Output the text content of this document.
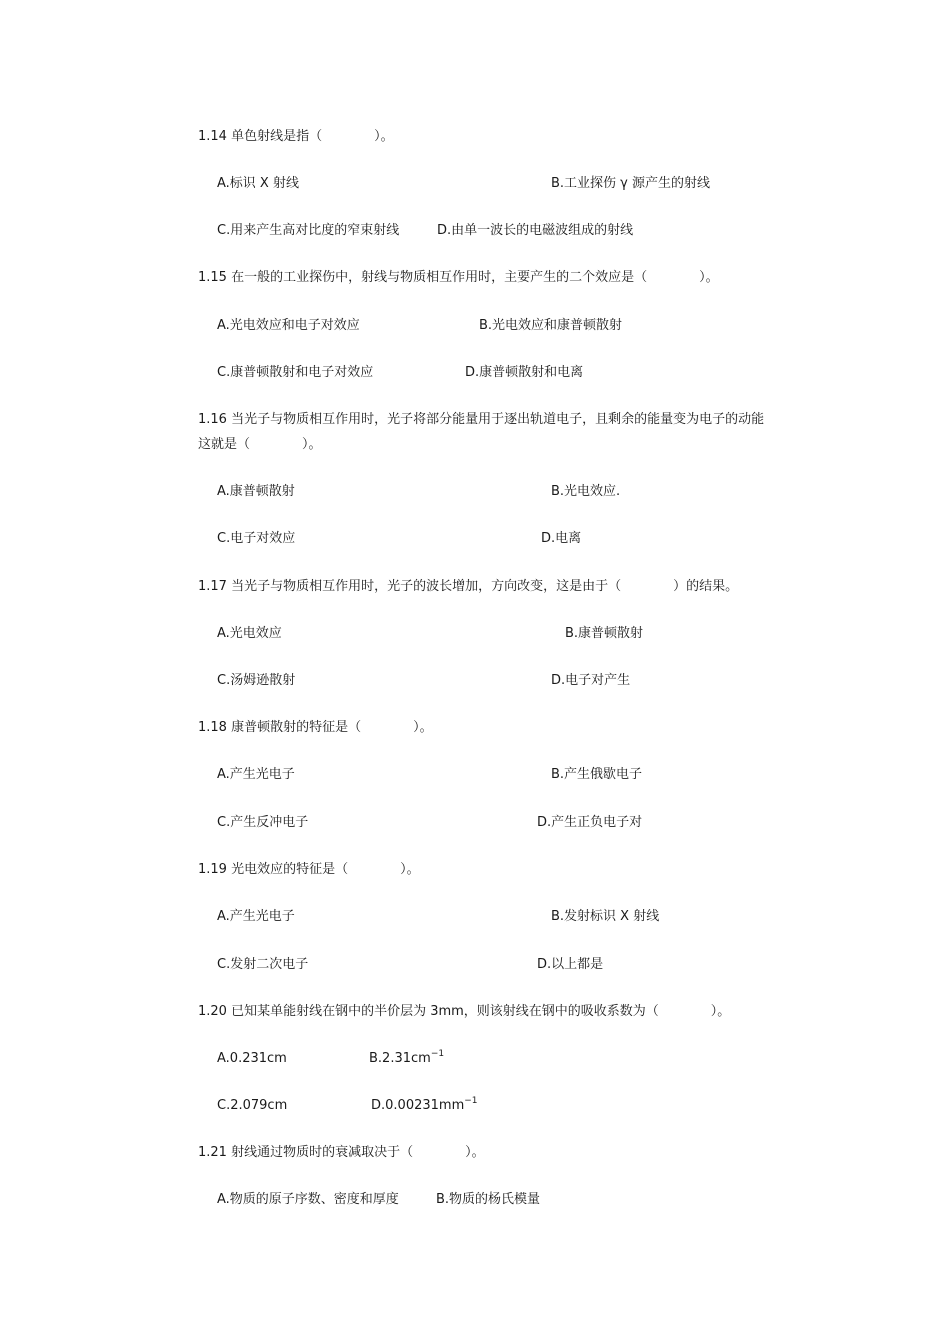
1.14 单色射线是指（　　　　）。
A.标识 X 射线	B.工业探伤 γ 源产生的射线
C.用来产生高对比度的窄束射线	D.由单一波长的电磁波组成的射线
1.15 在一般的工业探伤中，射线与物质相互作用时，主要产生的二个效应是（　　　　）。
A.光电效应和电子对效应	B.光电效应和康普顿散射
C.康普顿散射和电子对效应	D.康普顿散射和电离
1.16 当光子与物质相互作用时，光子将部分能量用于逐出轨道电子，且剩余的能量变为电子的动能
这就是（　　　　）。
A.康普顿散射	B.光电效应.
C.电子对效应	D.电离
1.17 当光子与物质相互作用时，光子的波长增加，方向改变，这是由于（　　　　）的结果。
A.光电效应	B.康普顿散射
C.汤姆逊散射	D.电子对产生
1.18 康普顿散射的特征是（　　　　）。
A.产生光电子	B.产生俄歇电子
C.产生反冲电子	D.产生正负电子对
1.19 光电效应的特征是（　　　　）。
A.产生光电子	B.发射标识 X 射线
C.发射二次电子	D.以上都是
1.20 已知某单能射线在钢中的半价层为 3mm，则该射线在钢中的吸收系数为（　　　　）。
A.0.231cm	$B.2.31cm^{-1}$
C.2.079cm	$D.0.00231mm^{-1}$
1.21 射线通过物质时的衰减取决于（　　　　）。
A.物质的原子序数、密度和厚度	B.物质的杨氏模量
